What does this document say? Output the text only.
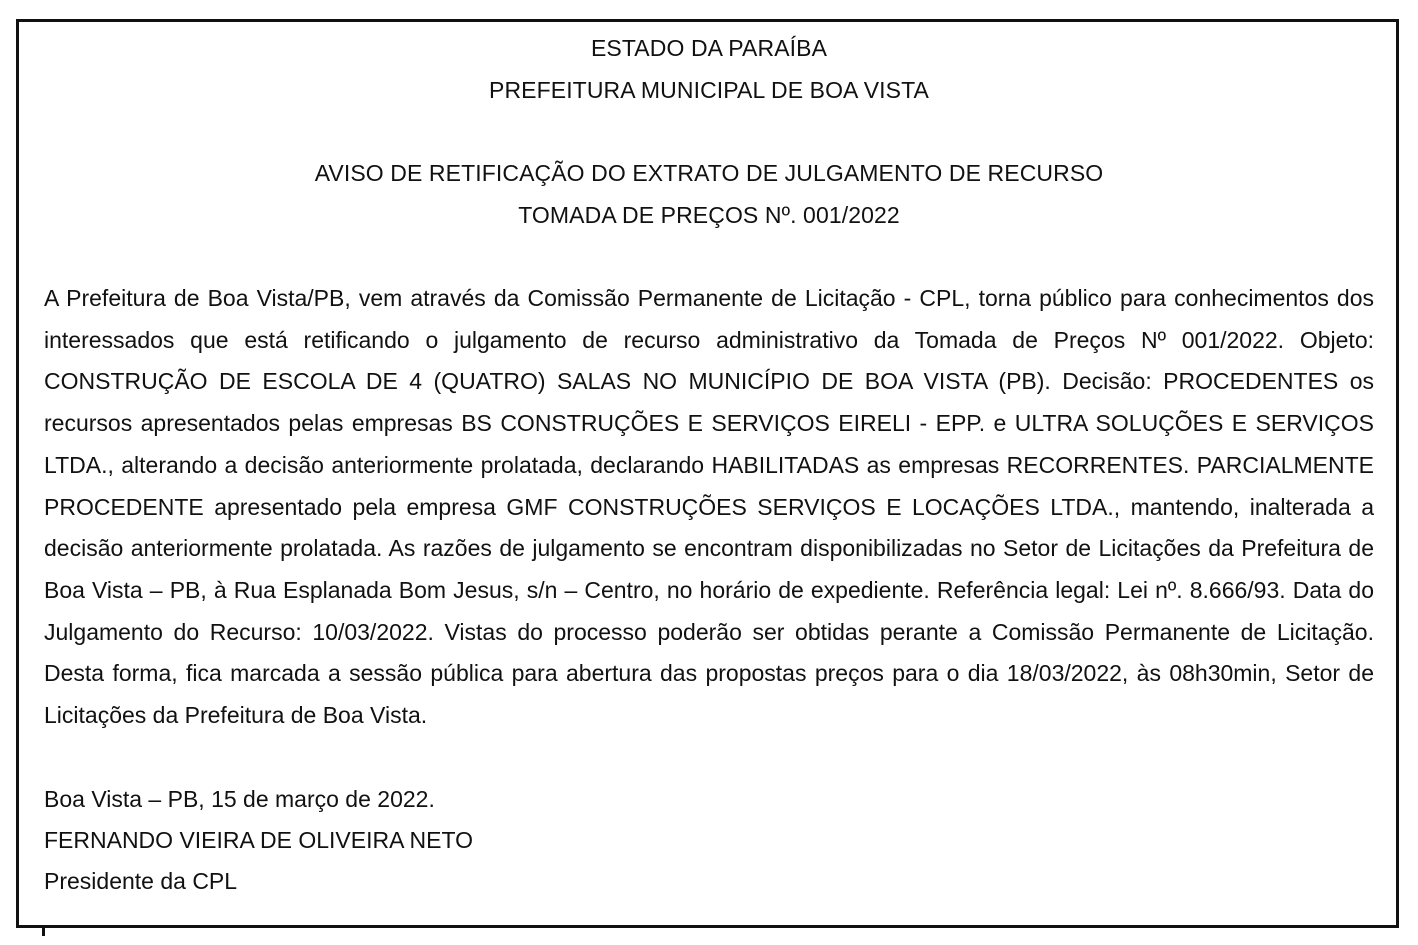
ESTADO DA PARAÍBA
PREFEITURA MUNICIPAL DE BOA VISTA
AVISO DE RETIFICAÇÃO DO EXTRATO DE JULGAMENTO DE RECURSO
TOMADA DE PREÇOS Nº. 001/2022

A Prefeitura de Boa Vista/PB, vem através da Comissão Permanente de Licitação - CPL, torna público para conhecimentos dos interessados que está retificando o julgamento de recurso administrativo da Tomada de Preços Nº 001/2022. Objeto: CONSTRUÇÃO DE ESCOLA DE 4 (QUATRO) SALAS NO MUNICÍPIO DE BOA VISTA (PB). Decisão: PROCEDENTES os recursos apresentados pelas empresas BS CONSTRUÇÕES E SERVIÇOS EIRELI - EPP. e ULTRA SOLUÇÕES E SERVIÇOS LTDA., alterando a decisão anteriormente prolatada, declarando HABILITADAS as empresas RECORRENTES. PARCIALMENTE PROCEDENTE apresentado pela empresa GMF CONSTRUÇÕES SERVIÇOS E LOCAÇÕES LTDA., mantendo, inalterada a decisão anteriormente prolatada. As razões de julgamento se encontram disponibilizadas no Setor de Licitações da Prefeitura de Boa Vista – PB, à Rua Esplanada Bom Jesus, s/n – Centro, no horário de expediente. Referência legal: Lei nº. 8.666/93. Data do Julgamento do Recurso: 10/03/2022. Vistas do processo poderão ser obtidas perante a Comissão Permanente de Licitação. Desta forma, fica marcada a sessão pública para abertura das propostas preços para o dia 18/03/2022, às 08h30min, Setor de Licitações da Prefeitura de Boa Vista.

Boa Vista – PB, 15 de março de 2022.
FERNANDO VIEIRA DE OLIVEIRA NETO
Presidente da CPL
